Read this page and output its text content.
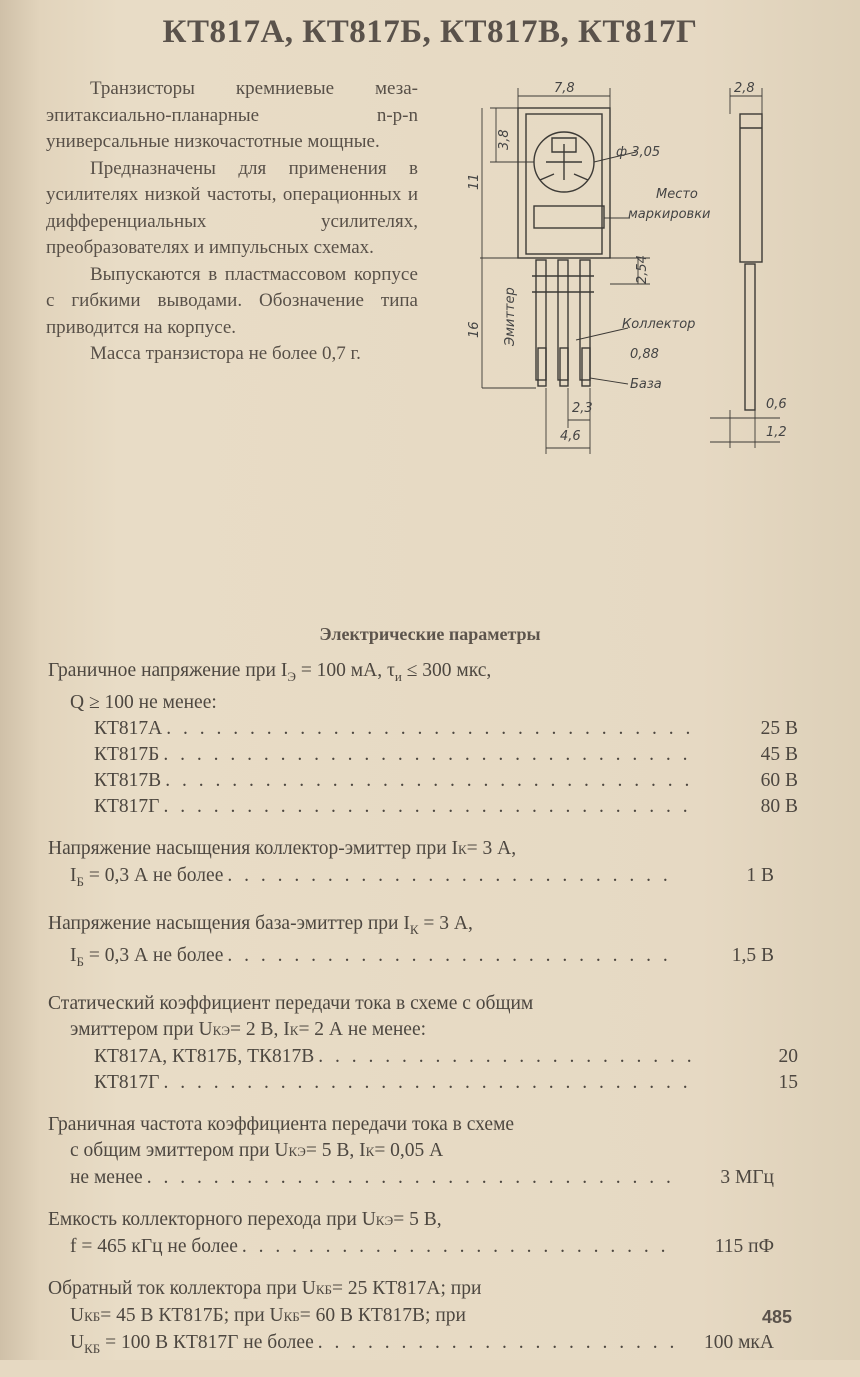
КТ817А, КТ817Б, КТ817В, КТ817Г

Транзисторы кремниевые меза-эпитаксиально-планарные n-p-n универсальные низкочастотные мощные.

Предназначены для применения в усилителях низкой частоты, операционных и дифференциальных усилителях, преобразователях и импульсных схемах.

Выпускаются в пластмассовом корпусе с гибкими выводами. Обозначение типа приводится на корпусе.

Масса транзистора не более 0,7 г.

7,8	2,8
3,8
11
ф 3,05
Место
маркировки
2,54
16 Эмиттер	Коллектор
0,88
База
2,3
4,6
0,6
1,2
Электрические параметры
Граничное напряжение при $I_Э = 100$ мА, $\tau_и \le 300$ мкс,
Q ≥ 100 не менее:
КТ817А . . .	25 В
КТ817Б . . .	45 В
КТ817В . . .	60 В
КТ817Г . . .	80 В
Напряжение насыщения коллектор-эмиттер при I К = 3 А,
$I_Б = 0,3$ А не более . . .	1 В
Напряжение насыщения база-эмиттер при $I_К = 3$ А,
$I_Б = 0,3$ А не более . . .	1,5 В
Статический коэффициент передачи тока в схеме с общим
эмиттером при U КЭ = 2 В, I К = 2 А не менее:
КТ817А, КТ817Б, ТК817В . . .	20
КТ817Г . . .	15
Граничная частота коэффициента передачи тока в схеме
с общим эмиттером при U КЭ = 5 В, I К = 0,05 А
не менее . . .	3 МГц
Емкость коллекторного перехода при U КЭ = 5 В,
f = 465 кГц не более . . .	115 пФ
Обратный ток коллектора при U КБ = 25 КТ817А; при
U КБ = 45 В КТ817Б; при U КБ = 60 В КТ817В; при
$U_{КБ} = 100$ В КТ817Г не более . . .	100 мкА
485
